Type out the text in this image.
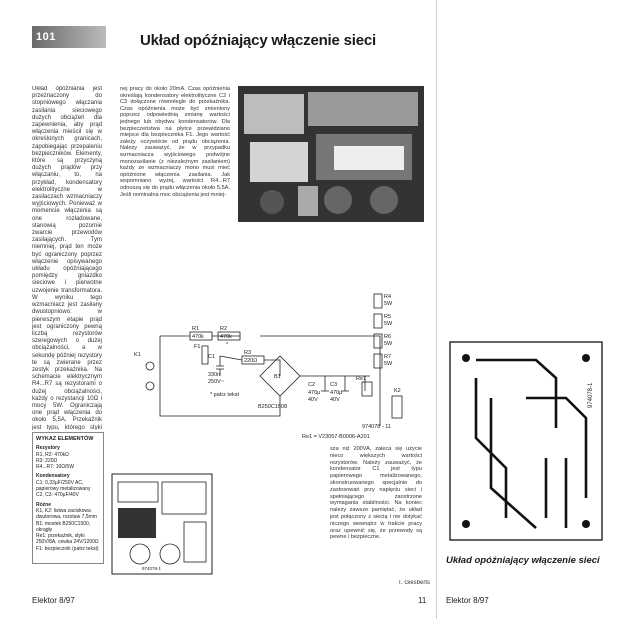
101 UKŁADÓW
Układ opóźniający włączenie sieci
Układ opóźniania jest przeznaczony do stopniowego włączania zasilania sieciowego dużych obciążeń dla zapewnienia, aby prąd włączenia mieścił się w określonych granicach, zapobiegając przepaleniu bezpieczników. Elementy, które są przyczyną dużych prądów przy włączaniu, to, na przykład, kondensatory elektrolityczne w zasilaczach wzmacniaczy wyjściowych. Ponieważ w momencie włączenia są one rozładowane, stanowią pozornie zwarcie przewodów zasilających. Tym niemniej, prąd ten może być ograniczony poprzez włączenie opisywanego układu opóźniającego pomiędzy gniazdko sieciowe i pierwotne uzwojenie transformatora. W wyniku tego wzmacniacz jest zasilany dwustopniowo: w pierwszym etapie prąd jest ograniczony pewną liczbą rezystorów szeregowych o dużej obciążalności, a w sekundę później rezystory te są zwierane przez zestyk przekaźnika. Na schemacie elektrycznym R4...R7 są rezystorami o dużej obciążalności, każdy o rezystancji 10Ω i mocy 5W. Ograniczają one prąd włączenia do około 5,5A. Przekaźnik jest typu, którego styki
nej pracy do około 20mA. Czas opóźnienia określają kondensatory elektrolityczne C2 i C3 dołączone równolegle do przekaźnika. Czas opóźnienia może być zmieniony poprzez odpowiednią zmianę wartości jednego lub obydwu kondensatorów. Dla bezpieczeństwa na płytce przewidziano miejsce dla bezpiecznika F1. Jego wartość zależy oczywiście od prądu obciążenia. Należy zauważyć, że w przypadku wzmacniacza wyjściowego podwójne monozasilanie (z niezależnym zasilaniem) każdy ze wzmacniaczy mono musi mieć opóźnione włączenia zasilania. Jak wspomniano wyżej, wartości R4...R7 odnoszą się do prądu włączenia około 5,5A. Jeśli nominalna moc obciążenia jest mniej-
sza niż 200VA, zaleca się użycie nieco większych wartości rezystorów. Należy zauważyć, że kondensator C1 jest typu papierowego metalizowanego, skonstruowanego specjalnie do zastosowań przy napięciu sieci i spełniającego zaostrzone wymagania stabilności. Na koniec należy zawsze pamiętać, że układ jest połączony z siecią i nie dotykać niczego wewnątrz w trakcie pracy oraz upewnić się, że przewody są pewne i bezpieczne.
T. Giesberts
R1
470k
R2
470k
R3
220Ω
C1
330n
250V~
*
F1
K1
K2
B1
B250C1508
C2
470μ
40V
C3
470μ
40V
Re1
R4
5W
R5
5W
R6
5W
R7
5W
* patrz tekst
Re1 = V23057-B0006-A201
974078 - 11
WYKAZ ELEMENTÓW
Rezystory
R1, R2: 470kΩ
R3: 220Ω
R4...R7: 10Ω/5W
Kondensatory
C1: 0,33μF/250V AC, papierowy metalizowany
C2, C3: 470μF/40V
Różne
K1, K2: listwa zaciskowa dwutorowa, rozstaw 7,5mm
B1: mostek B250C1500, okrągły
Re1: przekaźnik, styki 250V/8A, cewka 24V/1200Ω
F1: bezpiecznik (patrz tekst)
974078-1
Elektor 8/97	11
974078-1
Układ opóźniający włączenie sieci
Elektor 8/97
